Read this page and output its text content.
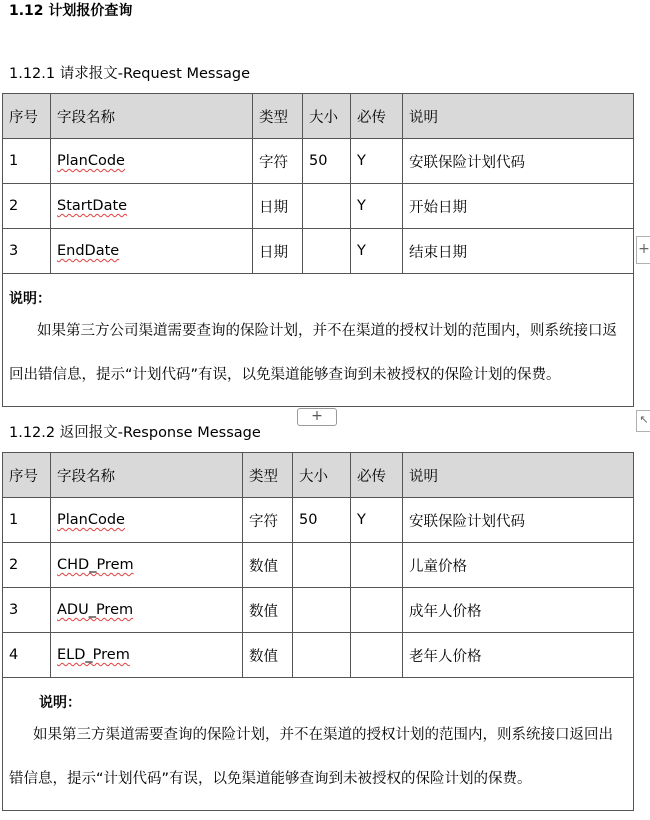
1.12 计划报价查询
1.12.1 请求报文-Request Message
序号	字段名称	类型	大小	必传	说明
1	PlanCode	字符	50	Y	安联保险计划代码
2	StartDate	日期		Y	开始日期
3	EndDate	日期		Y	结束日期

说明：
如果第三方公司渠道需要查询的保险计划，并不在渠道的授权计划的范围内，则系统接口返回出错信息，提示“计划代码”有误，以免渠道能够查询到未被授权的保险计划的保费。					
+
+
↖
1.12.2 返回报文-Response Message
序号	字段名称	类型	大小	必传	说明
1	PlanCode	字符	50	Y	安联保险计划代码
2	CHD_Prem	数值			儿童价格
3	ADU_Prem	数值			成年人价格
4	ELD_Prem	数值			老年人价格

说明：
如果第三方渠道需要查询的保险计划，并不在渠道的授权计划的范围内，则系统接口返回出错信息，提示“计划代码”有误，以免渠道能够查询到未被授权的保险计划的保费。					
